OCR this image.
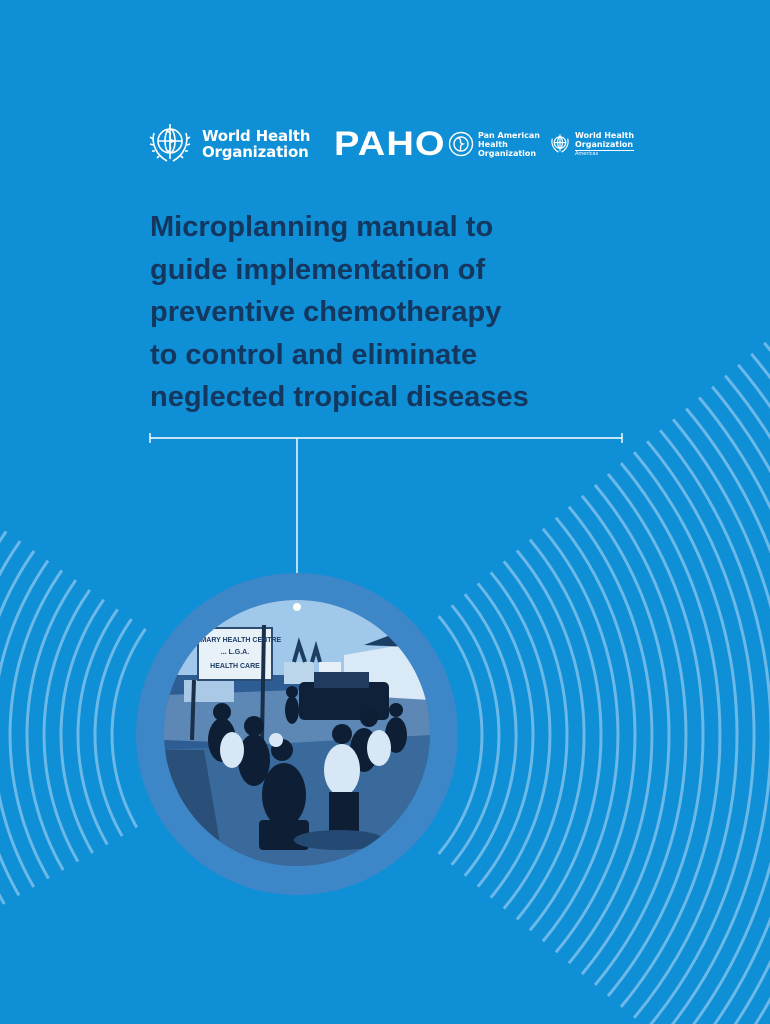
World Health
Organization PAHO	Pan American
Health
Organization
World Health
Organization
Americas
Microplanning manual to
guide implementation of
preventive chemotherapy
to control and eliminate
neglected tropical diseases
PRIMARY HEALTH CENTRE
... L.G.A.
HEALTH CARE
